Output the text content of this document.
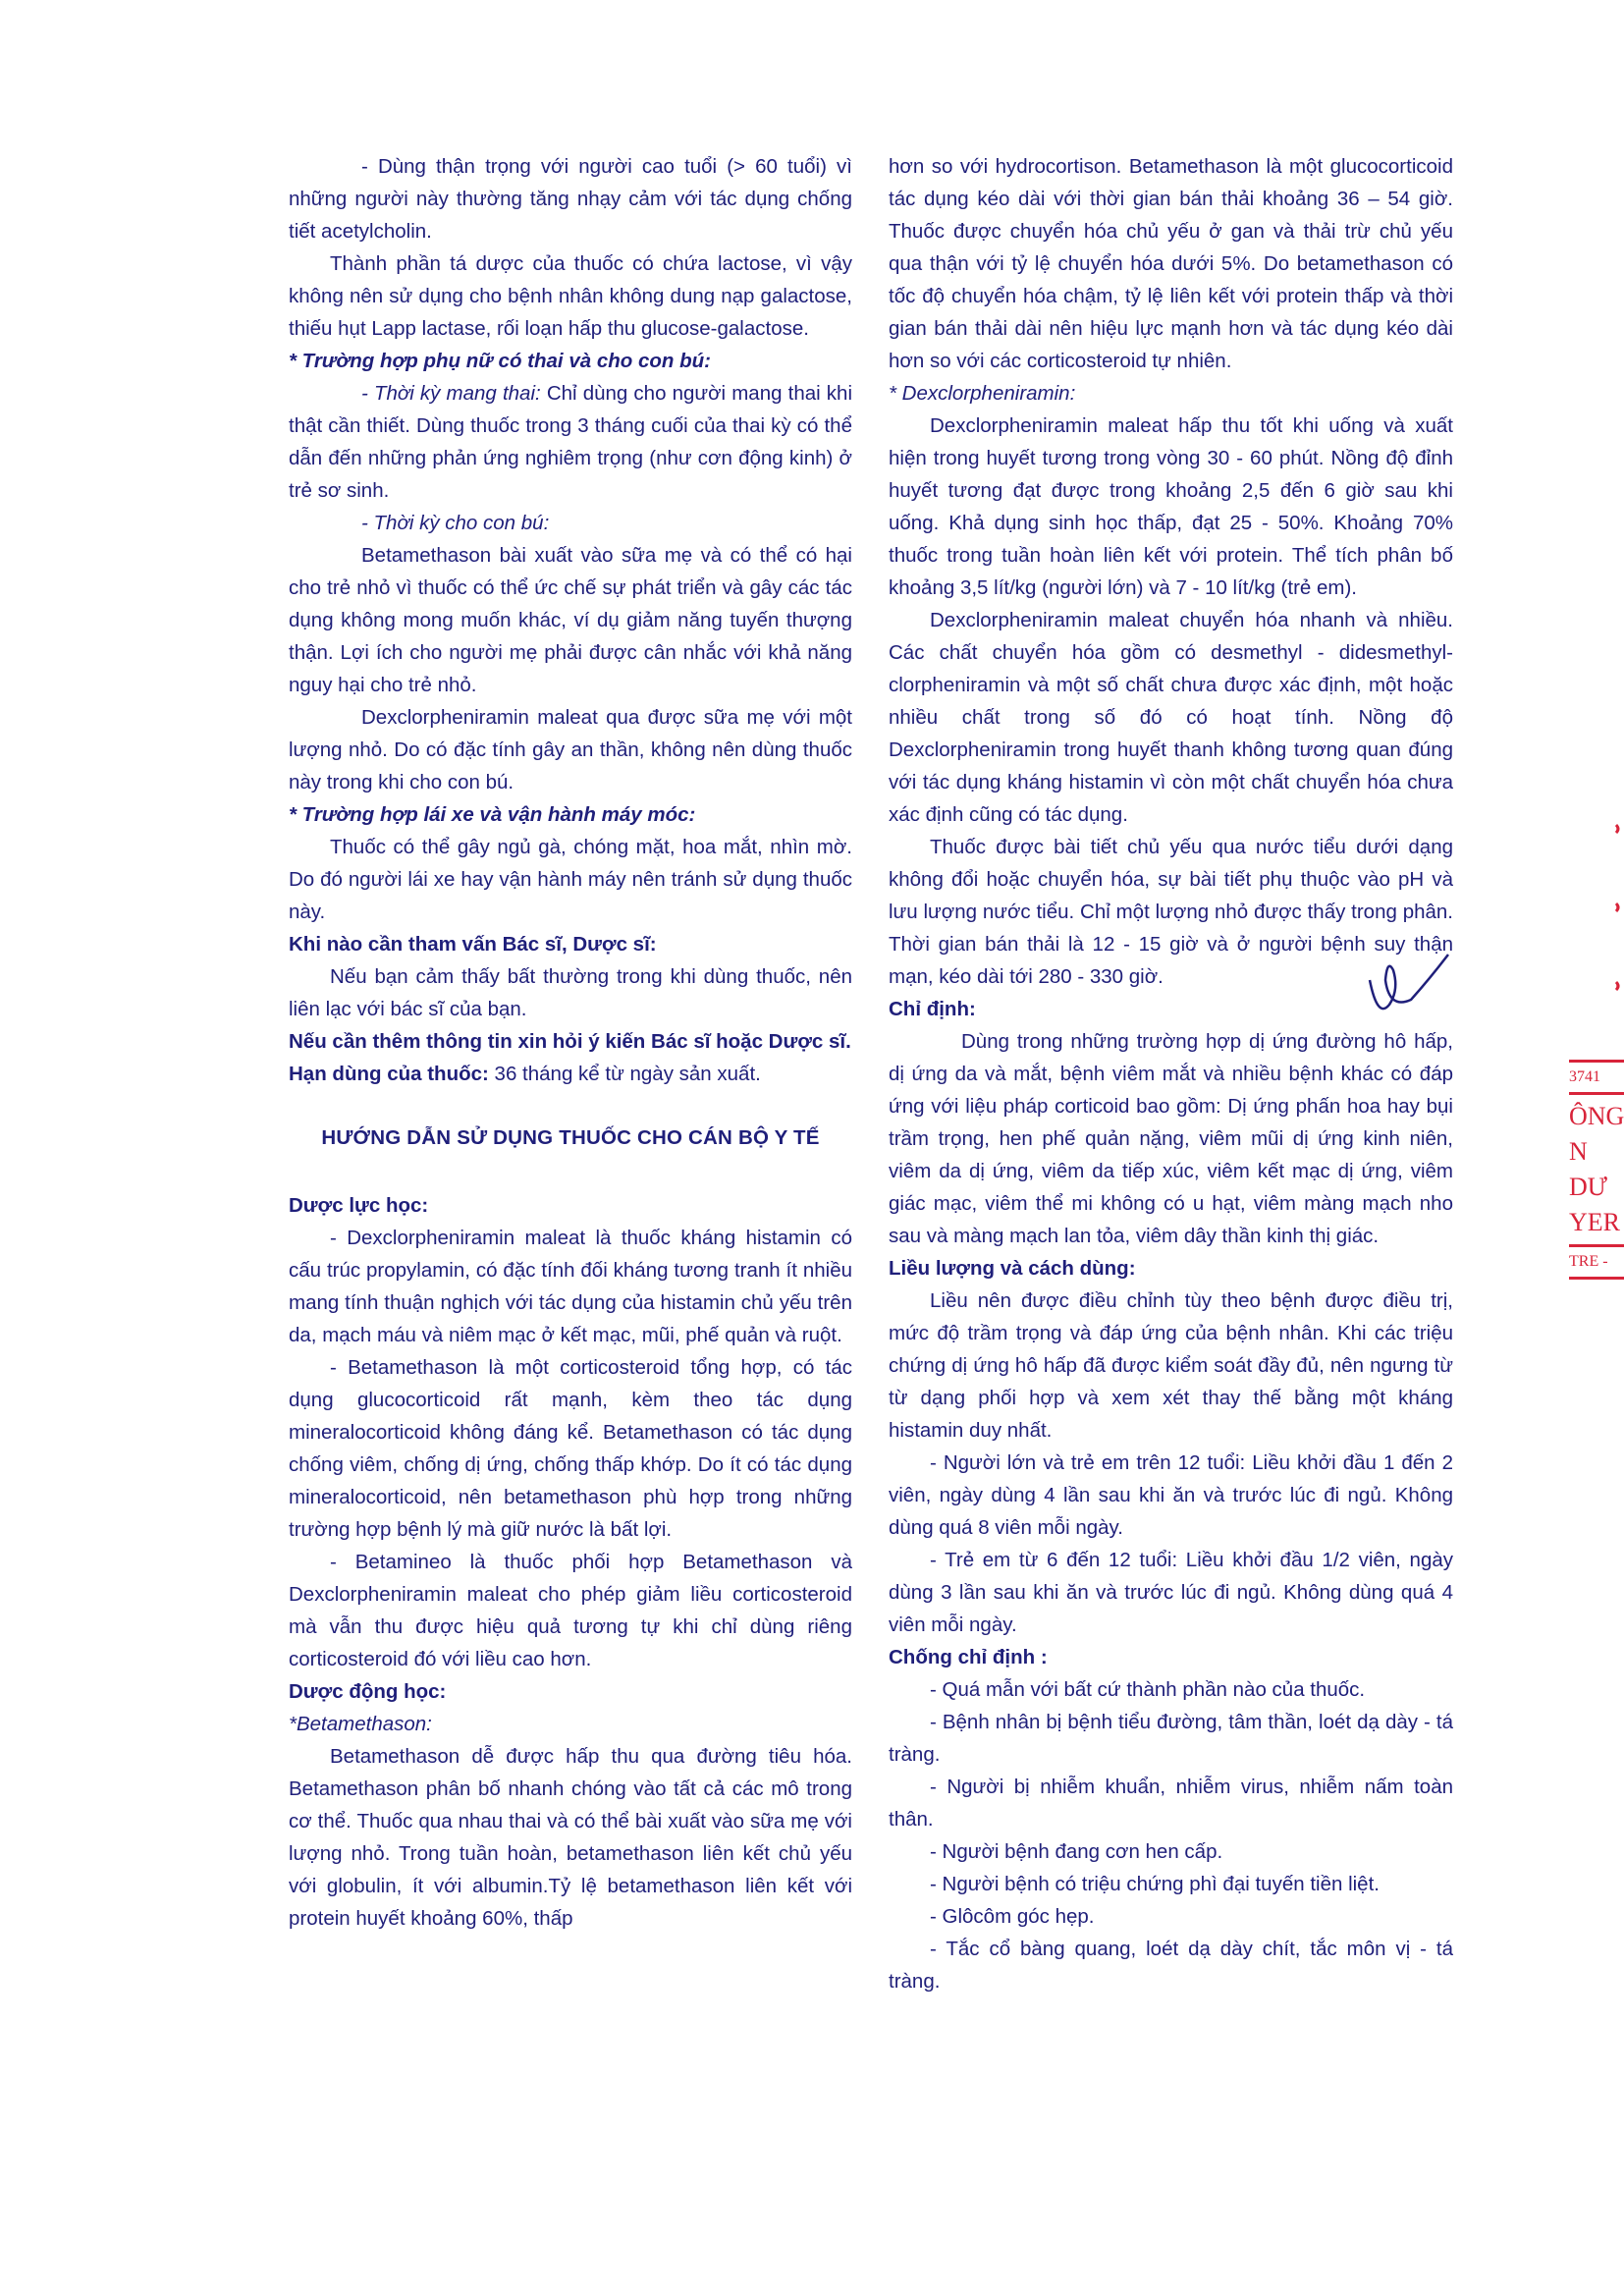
- Dùng thận trọng với người cao tuổi (> 60 tuổi) vì những người này thường tăng nhạy cảm với tác dụng chống tiết acetylcholin.

Thành phần tá dược của thuốc có chứa lactose, vì vậy không nên sử dụng cho bệnh nhân không dung nạp galactose, thiếu hụt Lapp lactase, rối loạn hấp thu glucose-galactose.

* Trường hợp phụ nữ có thai và cho con bú:

- Thời kỳ mang thai: Chỉ dùng cho người mang thai khi thật cần thiết. Dùng thuốc trong 3 tháng cuối của thai kỳ có thể dẫn đến những phản ứng nghiêm trọng (như cơn động kinh) ở trẻ sơ sinh.

- Thời kỳ cho con bú:

Betamethason bài xuất vào sữa mẹ và có thể có hại cho trẻ nhỏ vì thuốc có thể ức chế sự phát triển và gây các tác dụng không mong muốn khác, ví dụ giảm năng tuyến thượng thận. Lợi ích cho người mẹ phải được cân nhắc với khả năng nguy hại cho trẻ nhỏ.

Dexclorpheniramin maleat qua được sữa mẹ với một lượng nhỏ. Do có đặc tính gây an thần, không nên dùng thuốc này trong khi cho con bú.

* Trường hợp lái xe và vận hành máy móc:

Thuốc có thể gây ngủ gà, chóng mặt, hoa mắt, nhìn mờ. Do đó người lái xe hay vận hành máy nên tránh sử dụng thuốc này.

Khi nào cần tham vấn Bác sĩ, Dược sĩ:

Nếu bạn cảm thấy bất thường trong khi dùng thuốc, nên liên lạc với bác sĩ của bạn.

Nếu cần thêm thông tin xin hỏi ý kiến Bác sĩ hoặc Dược sĩ.

Hạn dùng của thuốc: 36 tháng kể từ ngày sản xuất.

HƯỚNG DẪN SỬ DỤNG THUỐC CHO CÁN BỘ Y TẾ

Dược lực học:

- Dexclorpheniramin maleat là thuốc kháng histamin có cấu trúc propylamin, có đặc tính đối kháng tương tranh ít nhiều mang tính thuận nghịch với tác dụng của histamin chủ yếu trên da, mạch máu và niêm mạc ở kết mạc, mũi, phế quản và ruột.

- Betamethason là một corticosteroid tổng hợp, có tác dụng glucocorticoid rất mạnh, kèm theo tác dụng mineralocorticoid không đáng kể. Betamethason có tác dụng chống viêm, chống dị ứng, chống thấp khớp. Do ít có tác dụng mineralocorticoid, nên betamethason phù hợp trong những trường hợp bệnh lý mà giữ nước là bất lợi.

- Betamineo là thuốc phối hợp Betamethason và Dexclorpheniramin maleat cho phép giảm liều corticosteroid mà vẫn thu được hiệu quả tương tự khi chỉ dùng riêng corticosteroid đó với liều cao hơn.

Dược động học:

*Betamethason:

Betamethason dễ được hấp thu qua đường tiêu hóa. Betamethason phân bố nhanh chóng vào tất cả các mô trong cơ thể. Thuốc qua nhau thai và có thể bài xuất vào sữa mẹ với lượng nhỏ. Trong tuần hoàn, betamethason liên kết chủ yếu với globulin, ít với albumin.Tỷ lệ betamethason liên kết với protein huyết khoảng 60%, thấp

hơn so với hydrocortison. Betamethason là một glucocorticoid tác dụng kéo dài với thời gian bán thải khoảng 36 – 54 giờ. Thuốc được chuyển hóa chủ yếu ở gan và thải trừ chủ yếu qua thận với tỷ lệ chuyển hóa dưới 5%. Do betamethason có tốc độ chuyển hóa chậm, tỷ lệ liên kết với protein thấp và thời gian bán thải dài nên hiệu lực mạnh hơn và tác dụng kéo dài hơn so với các corticosteroid tự nhiên.

* Dexclorpheniramin:

Dexclorpheniramin maleat hấp thu tốt khi uống và xuất hiện trong huyết tương trong vòng 30 - 60 phút. Nồng độ đỉnh huyết tương đạt được trong khoảng 2,5 đến 6 giờ sau khi uống. Khả dụng sinh học thấp, đạt 25 - 50%. Khoảng 70% thuốc trong tuần hoàn liên kết với protein. Thể tích phân bố khoảng 3,5 lít/kg (người lớn) và 7 - 10 lít/kg (trẻ em).

Dexclorpheniramin maleat chuyển hóa nhanh và nhiều. Các chất chuyển hóa gồm có desmethyl - didesmethyl- clorpheniramin và một số chất chưa được xác định, một hoặc nhiều chất trong số đó có hoạt tính. Nồng độ Dexclorpheniramin trong huyết thanh không tương quan đúng với tác dụng kháng histamin vì còn một chất chuyển hóa chưa xác định cũng có tác dụng.

Thuốc được bài tiết chủ yếu qua nước tiểu dưới dạng không đổi hoặc chuyển hóa, sự bài tiết phụ thuộc vào pH và lưu lượng nước tiểu. Chỉ một lượng nhỏ được thấy trong phân. Thời gian bán thải là 12 - 15 giờ và ở người bệnh suy thận mạn, kéo dài tới 280 - 330 giờ.

Chỉ định:

Dùng trong những trường hợp dị ứng đường hô hấp, dị ứng da và mắt, bệnh viêm mắt và nhiều bệnh khác có đáp ứng với liệu pháp corticoid bao gồm: Dị ứng phấn hoa hay bụi trầm trọng, hen phế quản nặng, viêm mũi dị ứng kinh niên, viêm da dị ứng, viêm da tiếp xúc, viêm kết mạc dị ứng, viêm giác mạc, viêm thể mi không có u hạt, viêm màng mạch nho sau và màng mạch lan tỏa, viêm dây thần kinh thị giác.

Liều lượng và cách dùng:

Liều nên được điều chỉnh tùy theo bệnh được điều trị, mức độ trầm trọng và đáp ứng của bệnh nhân. Khi các triệu chứng dị ứng hô hấp đã được kiểm soát đầy đủ, nên ngưng từ từ dạng phối hợp và xem xét thay thế bằng một kháng histamin duy nhất.

- Người lớn và trẻ em trên 12 tuổi: Liều khởi đầu 1 đến 2 viên, ngày dùng 4 lần sau khi ăn và trước lúc đi ngủ. Không dùng quá 8 viên mỗi ngày.

- Trẻ em từ 6 đến 12 tuổi: Liều khởi đầu 1/2 viên, ngày dùng 3 lần sau khi ăn và trước lúc đi ngủ. Không dùng quá 4 viên mỗi ngày.

Chống chỉ định :

- Quá mẫn với bất cứ thành phần nào của thuốc.

- Bệnh nhân bị bệnh tiểu đường, tâm thần, loét dạ dày - tá tràng.

- Người bị nhiễm khuẩn, nhiễm virus, nhiễm nấm toàn thân.

- Người bệnh đang cơn hen cấp.

- Người bệnh có triệu chứng phì đại tuyến tiền liệt.

- Glôcôm góc hẹp.

- Tắc cổ bàng quang, loét dạ dày chít, tắc môn vị - tá tràng.

3741
ÔNG
N DƯ
YER
TRE -
